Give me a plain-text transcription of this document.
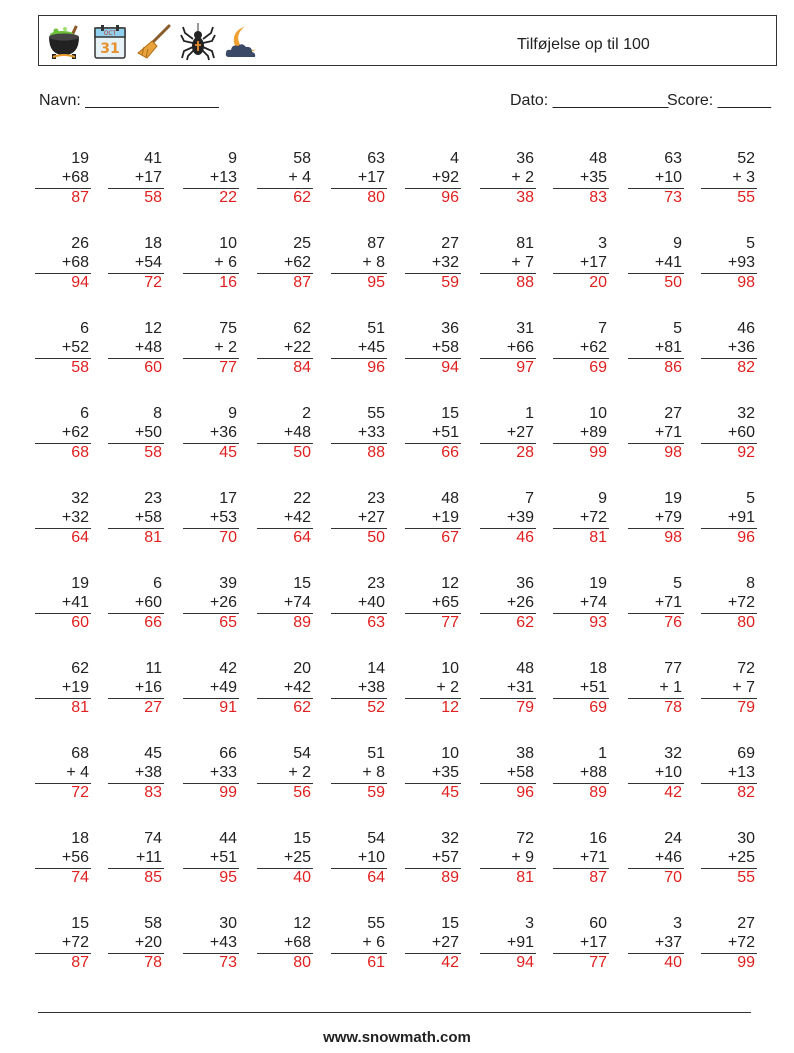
OCT
31	Tilføjelse op til 100
Navn: _______________	Dato: _____________
Score: ______
19
+68
87
41
+17
58
9
+13
22
58
+ 4
62
63
+17
80
4
+92
96
36
+ 2
38
48
+35
83
63
+10
73
52
+ 3
55
26
+68
94
18
+54
72
10
+ 6
16
25
+62
87
87
+ 8
95
27
+32
59
81
+ 7
88
3
+17
20
9
+41
50
5
+93
98
6
+52
58
12
+48
60
75
+ 2
77
62
+22
84
51
+45
96
36
+58
94
31
+66
97
7
+62
69
5
+81
86
46
+36
82
6
+62
68
8
+50
58
9
+36
45
2
+48
50
55
+33
88
15
+51
66
1
+27
28
10
+89
99
27
+71
98
32
+60
92
32
+32
64
23
+58
81
17
+53
70
22
+42
64
23
+27
50
48
+19
67
7
+39
46
9
+72
81
19
+79
98
5
+91
96
19
+41
60
6
+60
66
39
+26
65
15
+74
89
23
+40
63
12
+65
77
36
+26
62
19
+74
93
5
+71
76
8
+72
80
62
+19
81
11
+16
27
42
+49
91
20
+42
62
14
+38
52
10
+ 2
12
48
+31
79
18
+51
69
77
+ 1
78
72
+ 7
79
68
+ 4
72
45
+38
83
66
+33
99
54
+ 2
56
51
+ 8
59
10
+35
45
38
+58
96
1
+88
89
32
+10
42
69
+13
82
18
+56
74
74
+11
85
44
+51
95
15
+25
40
54
+10
64
32
+57
89
72
+ 9
81
16
+71
87
24
+46
70
30
+25
55
15
+72
87
58
+20
78
30
+43
73
12
+68
80
55
+ 6
61
15
+27
42
3
+91
94
60
+17
77
3
+37
40
27
+72
99
www.snowmath.com
